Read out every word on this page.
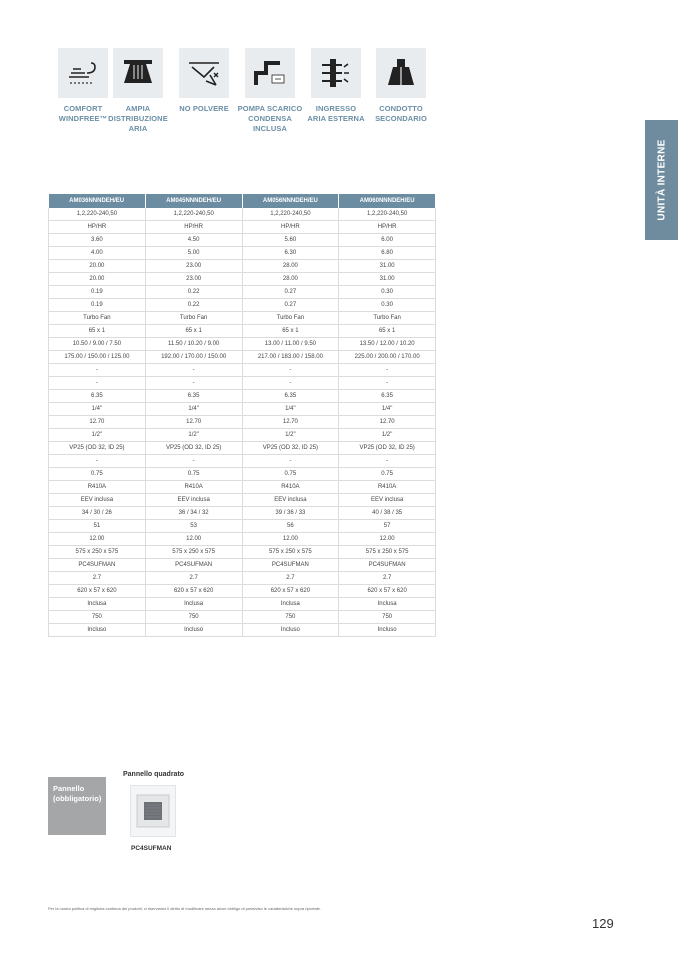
COMFORT
WINDFREE™
AMPIA
DISTRIBUZIONE
ARIA
NO POLVERE	POMPA SCARICO
CONDENSA
INCLUSA
INGRESSO
ARIA ESTERNA
CONDOTTO
SECONDARIO
UNITÀ INTERNE
AM036NNNDEH/EU	AM045NNNDEH/EU	AM056NNNDEH/EU	AM060NNNDEH/EU
1,2,220-240,50	1,2,220-240,50	1,2,220-240,50	1,2,220-240,50
HP/HR	HP/HR	HP/HR	HP/HR
3.60	4.50	5.60	6.00
4.00	5.00	6.30	6.80
20.00	23.00	28.00	31.00
20.00	23.00	28.00	31.00
0.19	0.22	0.27	0.30
0.19	0.22	0.27	0.30
Turbo Fan	Turbo Fan	Turbo Fan	Turbo Fan
65 x 1	65 x 1	65 x 1	65 x 1
10.50 / 9.00 / 7.50	11.50 / 10.20 / 9.00	13.00 / 11.00 / 9.50	13.50 / 12.00 / 10.20
175.00 / 150.00 / 125.00	192.00 / 170.00 / 150.00	217.00 / 183.00 / 158.00	225.00 / 200.00 / 170.00
-	-	-	-
-	-	-	-
6.35	6.35	6.35	6.35
1/4"	1/4"	1/4"	1/4"
12.70	12.70	12.70	12.70
1/2"	1/2"	1/2"	1/2"
VP25 (OD 32, ID 25)	VP25 (OD 32, ID 25)	VP25 (OD 32, ID 25)	VP25 (OD 32, ID 25)
-	-	-	-
0.75	0.75	0.75	0.75
R410A	R410A	R410A	R410A
EEV inclusa	EEV inclusa	EEV inclusa	EEV inclusa
34 / 30 / 26	36 / 34 / 32	39 / 36 / 33	40 / 38 / 35
51	53	56	57
12.00	12.00	12.00	12.00
575 x 250 x 575	575 x 250 x 575	575 x 250 x 575	575 x 250 x 575
PC4SUFMAN	PC4SUFMAN	PC4SUFMAN	PC4SUFMAN
2.7	2.7	2.7	2.7
620 x 57 x 620	620 x 57 x 620	620 x 57 x 620	620 x 57 x 620
Inclusa	Inclusa	Inclusa	Inclusa
750	750	750	750
Incluso	Incluso	Incluso	Incluso
Pannello
(obbligatorio)
Pannello quadrato
PC4SUFMAN
Per la nostra politica di miglioria continua dei prodotti, ci riserviamo il diritto di modificare senza alcun obbligo di preavviso le caratteristiche sopra riportate.
129
